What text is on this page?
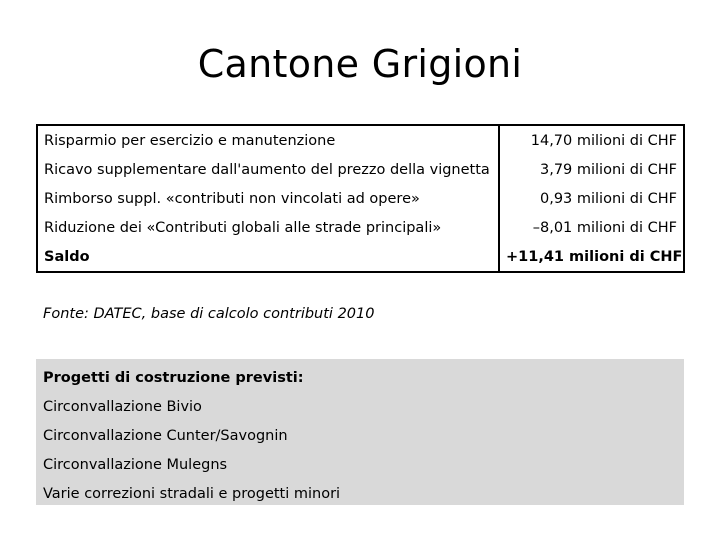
Cantone Grigioni
Risparmio per esercizio e manutenzione	14,70 milioni di CHF
Ricavo supplementare dall'aumento del prezzo della vignetta	3,79 milioni di CHF
Rimborso suppl. «contributi non vincolati ad opere»	0,93 milioni di CHF
Riduzione dei «Contributi globali alle strade principali»	–8,01 milioni di CHF
Saldo	+11,41 milioni di CHF
Fonte: DATEC, base di calcolo contributi 2010
Progetti di costruzione previsti:
Circonvallazione Bivio
Circonvallazione Cunter/Savognin
Circonvallazione Mulegns
Varie correzioni stradali e progetti minori
